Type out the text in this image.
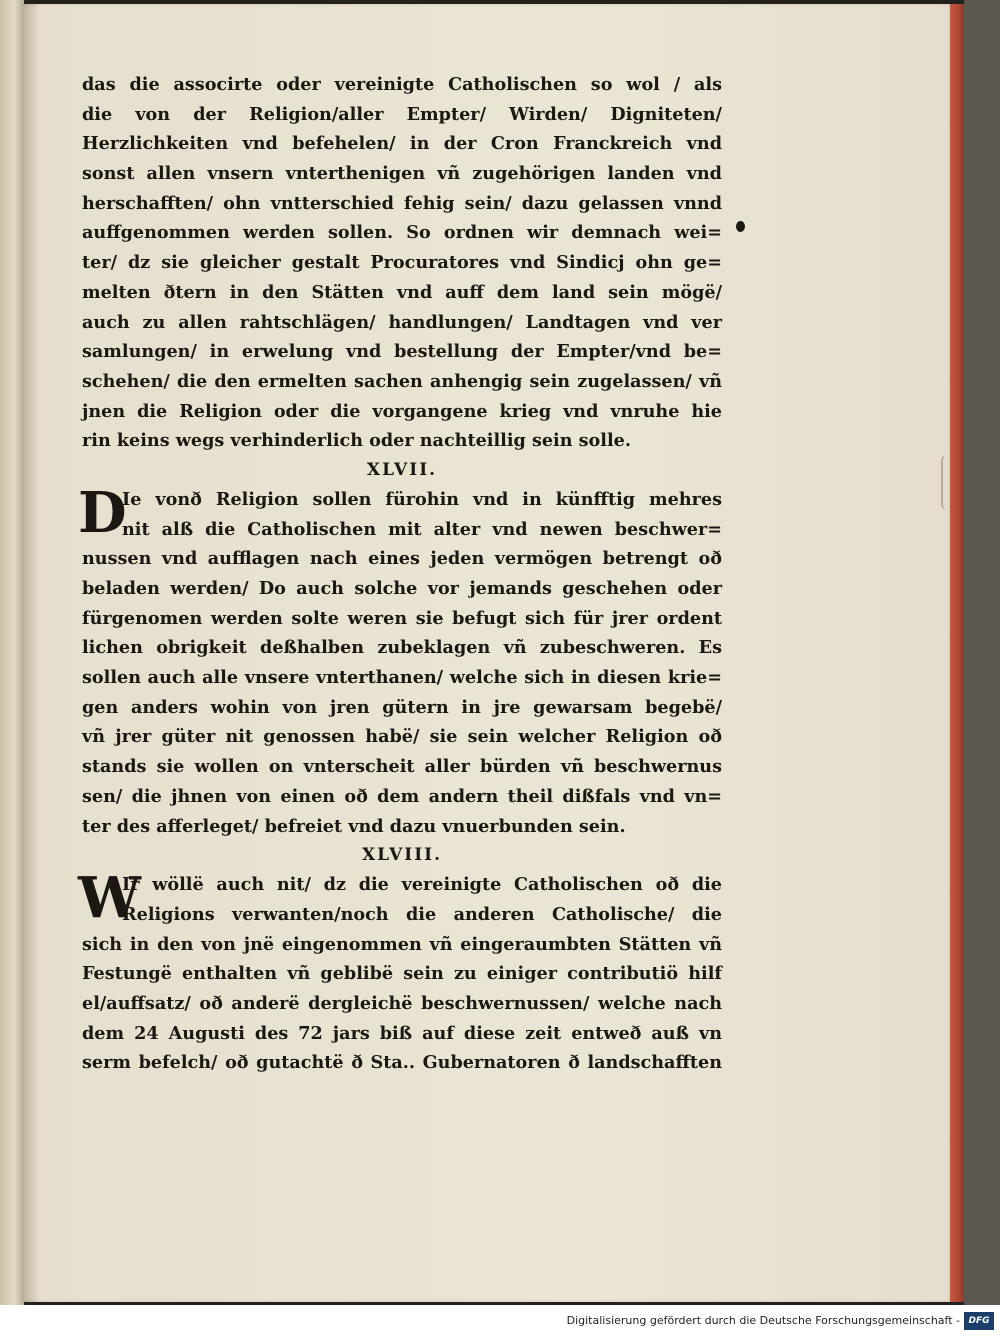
das die associrte oder vereinigte Catholischen so wol / als
die von der Religion/aller Empter/ Wirden/ Digniteten/
Herzlichkeiten vnd befehelen/ in der Cron Franckreich vnd
sonst allen vnsern vnterthenigen vñ zugehörigen landen vnd
herschafften/ ohn vntterschied fehig sein/ dazu gelassen vnnd
auffgenommen werden sollen. So ordnen wir demnach wei=
ter/ dz sie gleicher gestalt Procuratores vnd Sindicj ohn ge=
melten ðtern in den Stätten vnd auff dem land sein mögë/
auch zu allen rahtschlägen/ handlungen/ Landtagen vnd ver
samlungen/ in erwelung vnd bestellung der Empter/vnd be=
schehen/ die den ermelten sachen anhengig sein zugelassen/ vñ
jnen die Religion oder die vorgangene krieg vnd vnruhe hie
rin keins wegs verhinderlich oder nachteillig sein solle.
XLVII.
D
Ie vonð Religion sollen fürohin vnd in künfftig mehres
nit alß die Catholischen mit alter vnd newen beschwer=
nussen vnd aufflagen nach eines jeden vermögen betrengt oð
beladen werden/ Do auch solche vor jemands geschehen oder
fürgenomen werden solte weren sie befugt sich für jrer ordent
lichen obrigkeit deßhalben zubeklagen vñ zubeschweren. Es
sollen auch alle vnsere vnterthanen/ welche sich in diesen krie=
gen anders wohin von jren gütern in jre gewarsam begebë/
vñ jrer güter nit genossen habë/ sie sein welcher Religion oð
stands sie wollen on vnterscheit aller bürden vñ beschwernus
sen/ die jhnen von einen oð dem andern theil dißfals vnd vn=
ter des afferleget/ befreiet vnd dazu vnuerbunden sein.
XLVIII.
W
Ir wöllë auch nit/ dz die vereinigte Catholischen oð die
Religions verwanten/noch die anderen Catholische/ die
sich in den von jnë eingenommen vñ eingeraumbten Stätten vñ
Festungë enthalten vñ geblibë sein zu einiger contributiö hilf
el/auffsatz/ oð anderë dergleichë beschwernussen/ welche nach
dem 24 Augusti des 72 jars biß auf diese zeit entweð auß vn
serm befelch/ oð gutachtë ð Sta.. Gubernatoren ð landschafften
Digitalisierung gefördert durch die Deutsche Forschungsgemeinschaft - DFG
